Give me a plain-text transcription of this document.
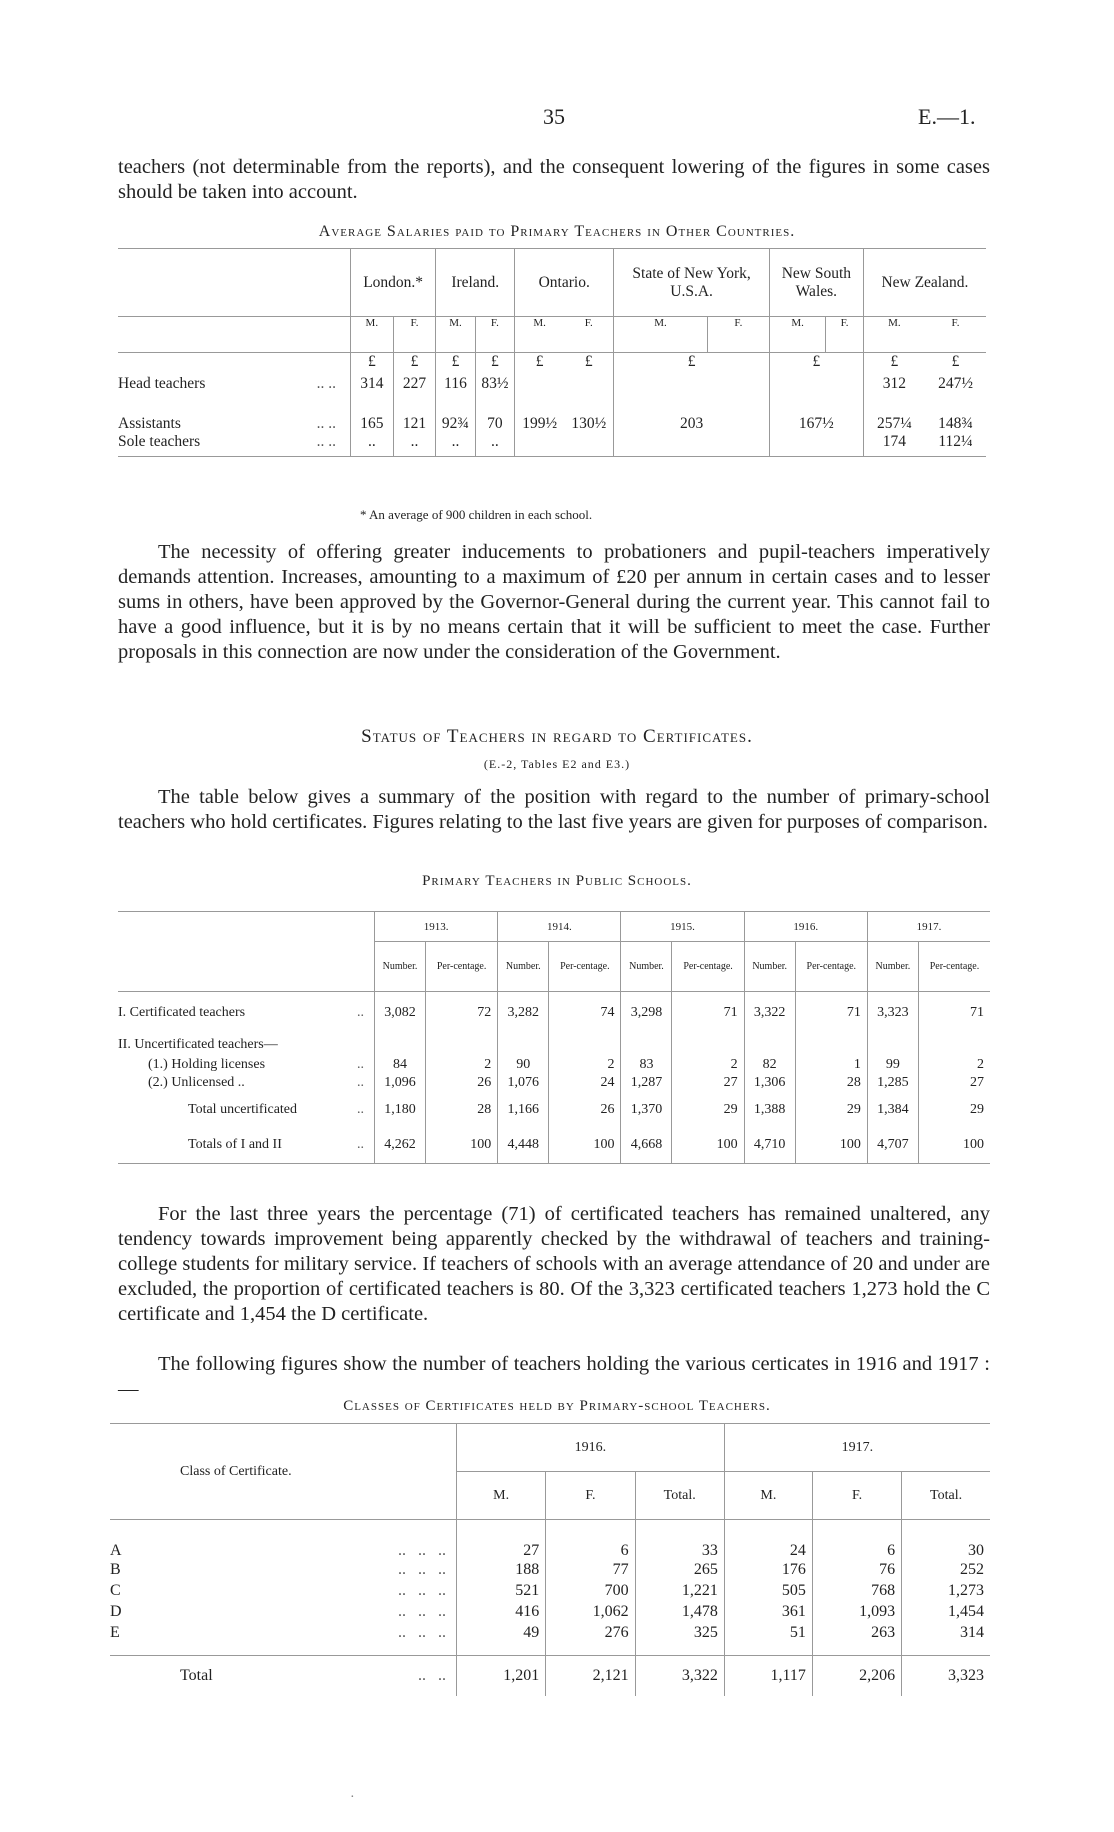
35	E.—1.
teachers (not determinable from the reports), and the consequent lowering of the figures in some cases should be taken into account.
Average Salaries paid to Primary Teachers in Other Countries.
	London.*		Ireland.		Ontario.		State of New York, U.S.A.		New South Wales.		New Zealand.	
	M.	F.	M.	F.	M.	F.	M.	F.	M.	F.	M.	F.
	£	£	£	£	£	£	£		£		£	£
Head teachers .. ..	314	227	116	83½							312	247½
Assistants .. ..	165	121	92¾	70	199½	130½	203		167½		257¼	148¾
Sole teachers .. ..	..	..	..	..							174	112¼
* An average of 900 children in each school.
The necessity of offering greater inducements to probationers and pupil-teachers imperatively demands attention. Increases, amounting to a maximum of £20 per annum in certain cases and to lesser sums in others, have been approved by the Governor-General during the current year. This cannot fail to have a good influence, but it is by no means certain that it will be sufficient to meet the case. Further proposals in this connection are now under the consideration of the Government.
Status of Teachers in regard to Certificates.
(E.-2, Tables E2 and E3.)
The table below gives a summary of the position with regard to the number of primary-school teachers who hold certificates. Figures relating to the last five years are given for purposes of comparison.
Primary Teachers in Public Schools.
	1913.		1914.		1915.		1916.		1917.	
	Number.	Per-centage.	Number.	Per-centage.	Number.	Per-centage.	Number.	Per-centage.	Number.	Per-centage.
I. Certificated teachers ..	3,082	72	3,282	74	3,298	71	3,322	71	3,323	71
II. Uncertificated teachers—

(1.) Holding licenses ..	84	2	90	2	83	2	82	1	99	2
(2.) Unlicensed .. ..	1,096	26	1,076	24	1,287	27	1,306	28	1,285	27
Total uncertificated ..	1,180	28	1,166	26	1,370	29	1,388	29	1,384	29
Totals of I and II ..	4,262	100	4,448	100	4,668	100	4,710	100	4,707	100
For the last three years the percentage (71) of certificated teachers has remained unaltered, any tendency towards improvement being apparently checked by the withdrawal of teachers and training-college students for military service. If teachers of schools with an average attendance of 20 and under are excluded, the proportion of certificated teachers is 80. Of the 3,323 certificated teachers 1,273 hold the C certificate and 1,454 the D certificate.
The following figures show the number of teachers holding the various certicates in 1916 and 1917 :—
Classes of Certificates held by Primary-school Teachers.
Class of Certificate.	1916.			1917.		
	M.	F.	Total.	M.	F.	Total.
A ..   ..   ..	27	6	33	24	6	30
B ..   ..   ..	188	77	265	176	76	252
C ..   ..   ..	521	700	1,221	505	768	1,273
D ..   ..   ..	416	1,062	1,478	361	1,093	1,454
E ..   ..   ..	49	276	325	51	263	314

Total ..   ..	1,201	2,121	3,322	1,117	2,206	3,323
·
